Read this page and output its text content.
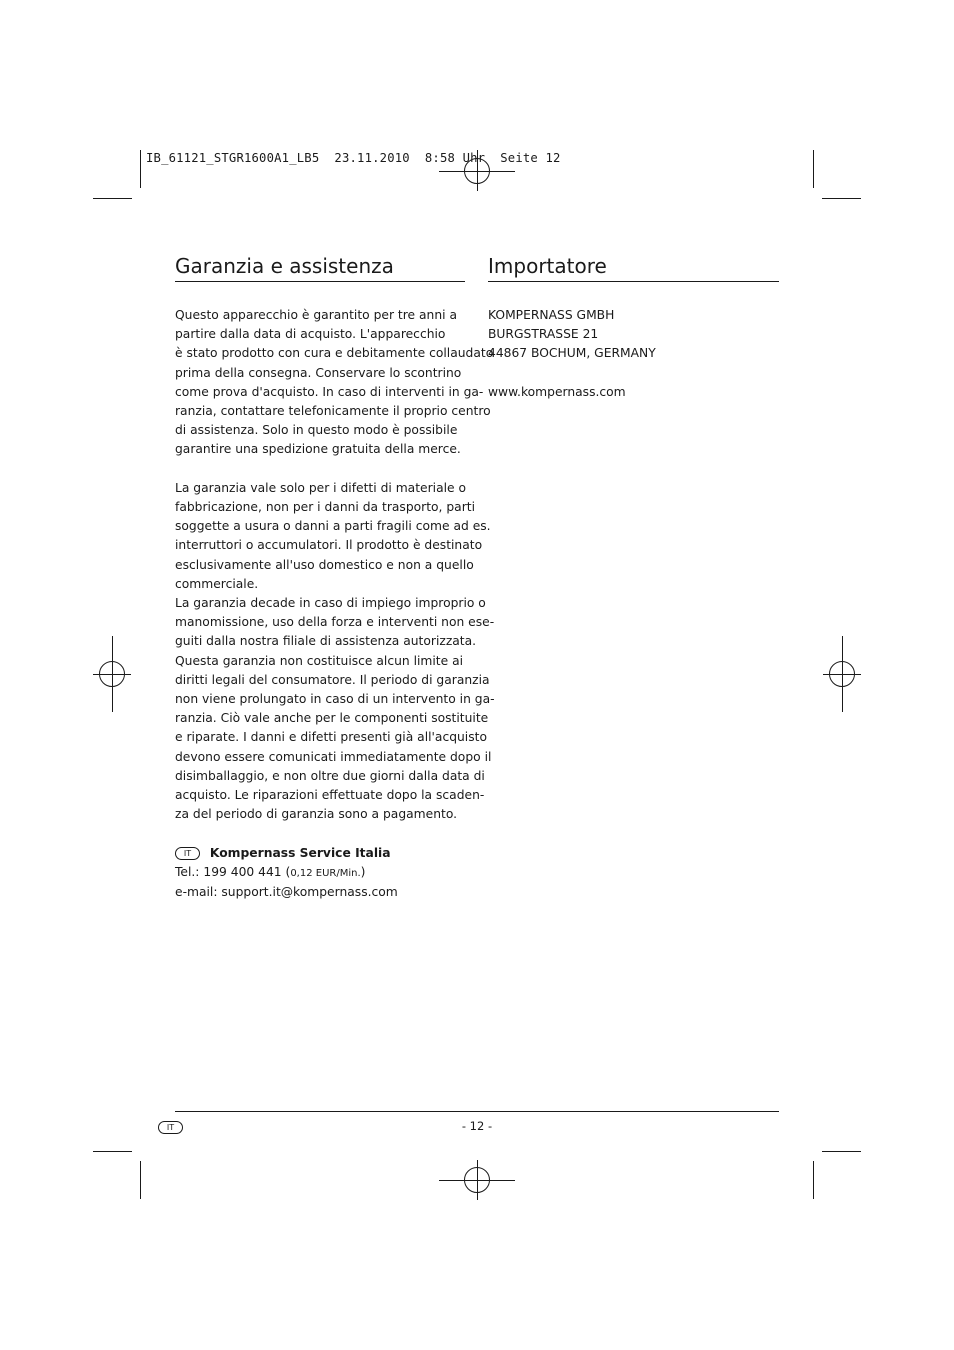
IB_61121_STGR1600A1_LB5  23.11.2010  8:58 Uhr  Seite 12
Garanzia e assistenza
Questo apparecchio è garantito per tre anni a
partire dalla data di acquisto. L'apparecchio
è stato prodotto con cura e debitamente collaudato
prima della consegna. Conservare lo scontrino
come prova d'acquisto. In caso di interventi in ga-
ranzia, contattare telefonicamente il proprio centro
di assistenza. Solo in questo modo è possibile
garantire una spedizione gratuita della merce.
La garanzia vale solo per i difetti di materiale o
fabbricazione, non per i danni da trasporto, parti
soggette a usura o danni a parti fragili come ad es.
interruttori o accumulatori. Il prodotto è destinato
esclusivamente all'uso domestico e non a quello
commerciale.
La garanzia decade in caso di impiego improprio o
manomissione, uso della forza e interventi non ese-
guiti dalla nostra filiale di assistenza autorizzata.
Questa garanzia non costituisce alcun limite ai
diritti legali del consumatore. Il periodo di garanzia
non viene prolungato in caso di un intervento in ga-
ranzia. Ciò vale anche per le componenti sostituite
e riparate. I danni e difetti presenti già all'acquisto
devono essere comunicati immediatamente dopo il
disimballaggio, e non oltre due giorni dalla data di
acquisto. Le riparazioni effettuate dopo la scaden-
za del periodo di garanzia sono a pagamento.
IT Kompernass Service Italia
Tel.: 199 400 441 (0,12 EUR/Min.)
e-mail: support.it@kompernass.com
Importatore
KOMPERNASS GMBH
BURGSTRASSE 21
44867 BOCHUM, GERMANY
www.kompernass.com
IT	- 12 -
